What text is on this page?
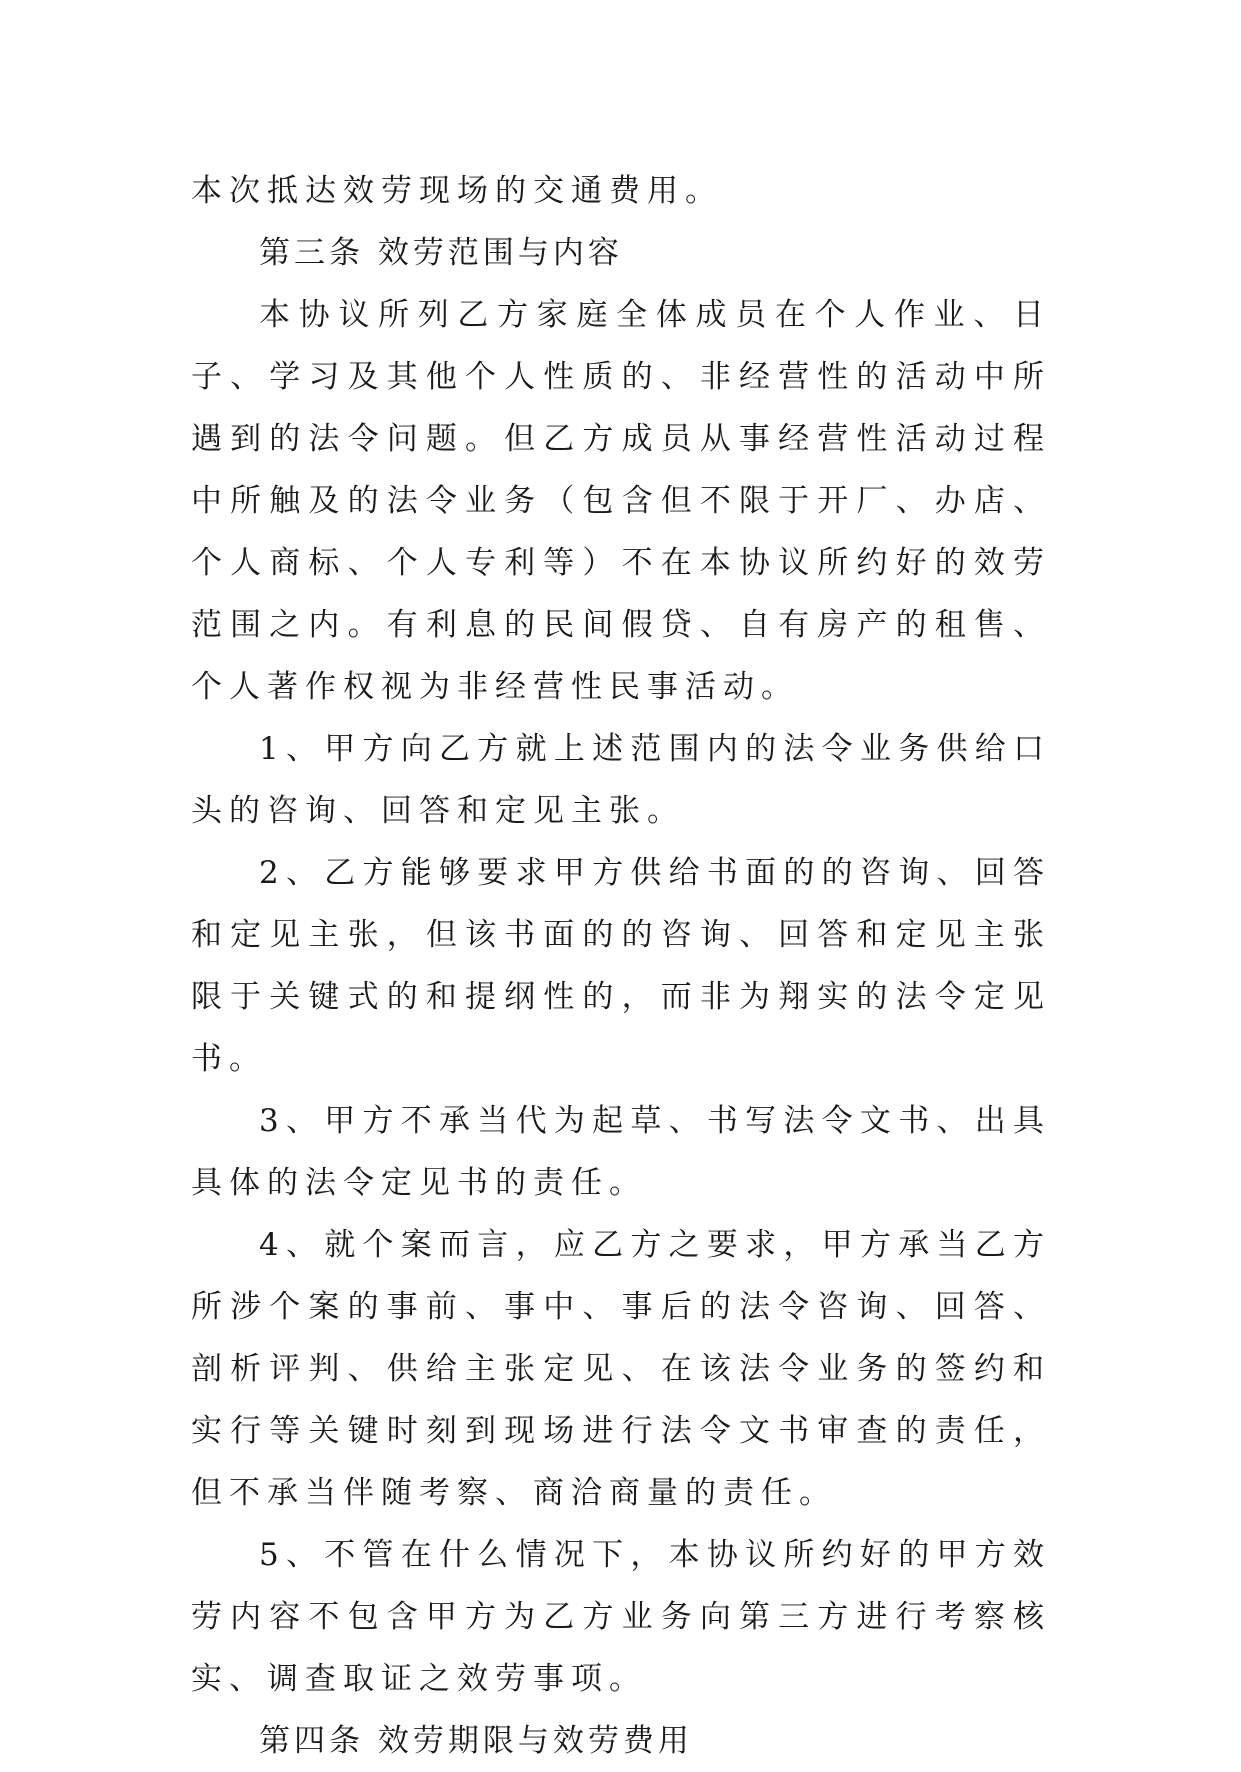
本次抵达效劳现场的交通费用。

第三条 效劳范围与内容

本协议所列乙方家庭全体成员在个人作业、日子、学习及其他个人性质的、非经营性的活动中所遇到的法令问题。但乙方成员从事经营性活动过程中所触及的法令业务（包含但不限于开厂、办店、个人商标、个人专利等）不在本协议所约好的效劳范围之内。有利息的民间假贷、自有房产的租售、个人著作权视为非经营性民事活动。

1、甲方向乙方就上述范围内的法令业务供给口头的咨询、回答和定见主张。

2、乙方能够要求甲方供给书面的的咨询、回答和定见主张，但该书面的的咨询、回答和定见主张限于关键式的和提纲性的，而非为翔实的法令定见书。

3、甲方不承当代为起草、书写法令文书、出具具体的法令定见书的责任。

4、就个案而言，应乙方之要求，甲方承当乙方所涉个案的事前、事中、事后的法令咨询、回答、剖析评判、供给主张定见、在该法令业务的签约和实行等关键时刻到现场进行法令文书审查的责任，但不承当伴随考察、商洽商量的责任。

5、不管在什么情况下，本协议所约好的甲方效劳内容不包含甲方为乙方业务向第三方进行考察核实、调查取证之效劳事项。

第四条 效劳期限与效劳费用
